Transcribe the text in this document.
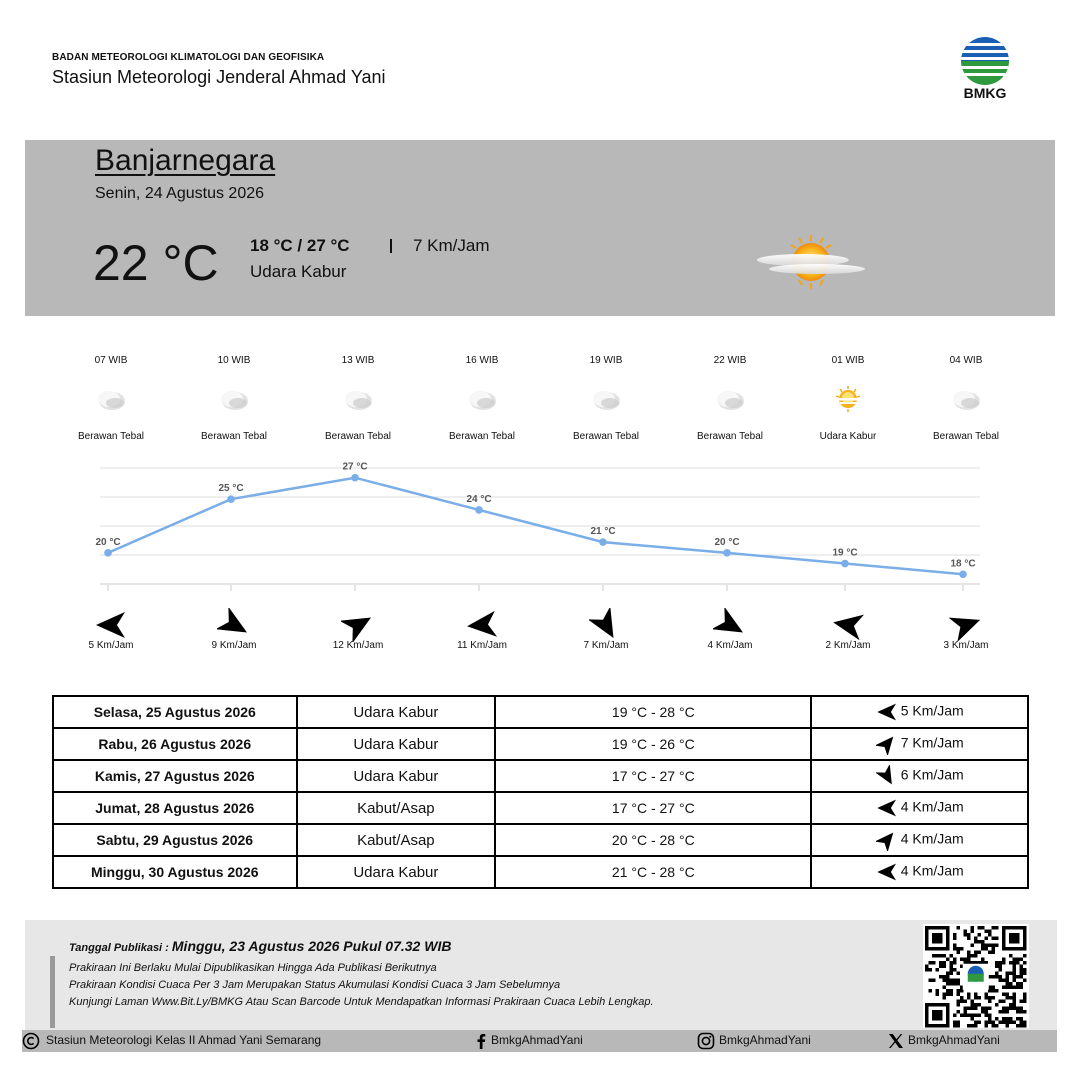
BADAN METEOROLOGI KLIMATOLOGI DAN GEOFISIKA
Stasiun Meteorologi Jenderal Ahmad Yani
BMKG
Banjarnegara
Senin, 24 Agustus 2026
22 °C 18 °C / 27 °C	7 Km/Jam
Udara Kabur
07 WIB
Berawan Tebal
10 WIB
Berawan Tebal
13 WIB
Berawan Tebal
16 WIB
Berawan Tebal
19 WIB
Berawan Tebal
22 WIB
Berawan Tebal
01 WIB
Udara Kabur
04 WIB
Berawan Tebal
20 °C
25 °C
27 °C
24 °C
21 °C
20 °C
19 °C
18 °C
5 Km/Jam	9 Km/Jam	12 Km/Jam	11 Km/Jam	7 Km/Jam	4 Km/Jam	2 Km/Jam	3 Km/Jam
Selasa, 25 Agustus 2026	Udara Kabur	19 °C - 28 °C	5 Km/Jam
Rabu, 26 Agustus 2026	Udara Kabur	19 °C - 26 °C	7 Km/Jam
Kamis, 27 Agustus 2026	Udara Kabur	17 °C - 27 °C	6 Km/Jam
Jumat, 28 Agustus 2026	Kabut/Asap	17 °C - 27 °C	4 Km/Jam
Sabtu, 29 Agustus 2026	Kabut/Asap	20 °C - 28 °C	4 Km/Jam
Minggu, 30 Agustus 2026	Udara Kabur	21 °C - 28 °C	4 Km/Jam
Tanggal Publikasi : Minggu, 23 Agustus 2026 Pukul 07.32 WIB
Prakiraan Ini Berlaku Mulai Dipublikasikan Hingga Ada Publikasi Berikutnya
Prakiraan Kondisi Cuaca Per 3 Jam Merupakan Status Akumulasi Kondisi Cuaca 3 Jam Sebelumnya
Kunjungi Laman Www.Bit.Ly/BMKG Atau Scan Barcode Untuk Mendapatkan Informasi Prakiraan Cuaca Lebih Lengkap.
Stasiun Meteorologi Kelas II Ahmad Yani Semarang	BmkgAhmadYani	BmkgAhmadYani	BmkgAhmadYani
